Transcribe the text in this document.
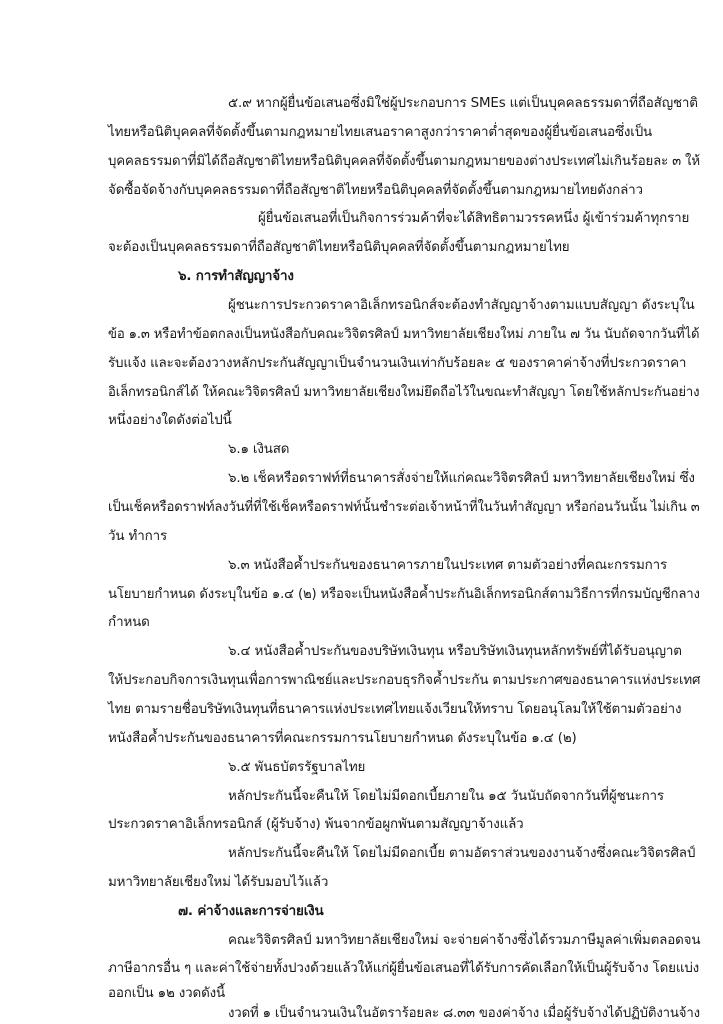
๕.๙ หากผู้ยื่นข้อเสนอซึ่งมิใช่ผู้ประกอบการ SMEs แต่เป็นบุคคลธรรมดาที่ถือสัญชาติ
ไทยหรือนิติบุคคลที่จัดตั้งขึ้นตามกฎหมายไทยเสนอราคาสูงกว่าราคาต่ำสุดของผู้ยื่นข้อเสนอซึ่งเป็น
บุคคลธรรมดาที่มิได้ถือสัญชาติไทยหรือนิติบุคคลที่จัดตั้งขึ้นตามกฎหมายของต่างประเทศไม่เกินร้อยละ ๓ ให้
จัดซื้อจัดจ้างกับบุคคลธรรมดาที่ถือสัญชาติไทยหรือนิติบุคคลที่จัดตั้งขึ้นตามกฎหมายไทยดังกล่าว
ผู้ยื่นข้อเสนอที่เป็นกิจการร่วมค้าที่จะได้สิทธิตามวรรคหนึ่ง ผู้เข้าร่วมค้าทุกราย
จะต้องเป็นบุคคลธรรมดาที่ถือสัญชาติไทยหรือนิติบุคคลที่จัดตั้งขึ้นตามกฎหมายไทย
๖. การทำสัญญาจ้าง
ผู้ชนะการประกวดราคาอิเล็กทรอนิกส์จะต้องทำสัญญาจ้างตามแบบสัญญา ดังระบุใน
ข้อ ๑.๓ หรือทำข้อตกลงเป็นหนังสือกับคณะวิจิตรศิลป์ มหาวิทยาลัยเชียงใหม่ ภายใน ๗ วัน นับถัดจากวันที่ได้
รับแจ้ง และจะต้องวางหลักประกันสัญญาเป็นจำนวนเงินเท่ากับร้อยละ ๕ ของราคาค่าจ้างที่ประกวดราคา
อิเล็กทรอนิกส์ได้ ให้คณะวิจิตรศิลป์ มหาวิทยาลัยเชียงใหม่ยึดถือไว้ในขณะทำสัญญา โดยใช้หลักประกันอย่าง
หนึ่งอย่างใดดังต่อไปนี้
๖.๑ เงินสด
๖.๒ เช็คหรือดราฟท์ที่ธนาคารสั่งจ่ายให้แก่คณะวิจิตรศิลป์ มหาวิทยาลัยเชียงใหม่ ซึ่ง
เป็นเช็คหรือดราฟท์ลงวันที่ที่ใช้เช็คหรือดราฟท์นั้นชำระต่อเจ้าหน้าที่ในวันทำสัญญา หรือก่อนวันนั้น ไม่เกิน ๓
วัน ทำการ
๖.๓ หนังสือค้ำประกันของธนาคารภายในประเทศ ตามตัวอย่างที่คณะกรรมการ
นโยบายกำหนด ดังระบุในข้อ ๑.๔ (๒) หรือจะเป็นหนังสือค้ำประกันอิเล็กทรอนิกส์ตามวิธีการที่กรมบัญชีกลาง
กำหนด
๖.๔ หนังสือค้ำประกันของบริษัทเงินทุน หรือบริษัทเงินทุนหลักทรัพย์ที่ได้รับอนุญาต
ให้ประกอบกิจการเงินทุนเพื่อการพาณิชย์และประกอบธุรกิจค้ำประกัน ตามประกาศของธนาคารแห่งประเทศ
ไทย ตามรายชื่อบริษัทเงินทุนที่ธนาคารแห่งประเทศไทยแจ้งเวียนให้ทราบ โดยอนุโลมให้ใช้ตามตัวอย่าง
หนังสือค้ำประกันของธนาคารที่คณะกรรมการนโยบายกำหนด ดังระบุในข้อ ๑.๔ (๒)
๖.๕ พันธบัตรรัฐบาลไทย
หลักประกันนี้จะคืนให้ โดยไม่มีดอกเบี้ยภายใน ๑๕ วันนับถัดจากวันที่ผู้ชนะการ
ประกวดราคาอิเล็กทรอนิกส์ (ผู้รับจ้าง) พ้นจากข้อผูกพันตามสัญญาจ้างแล้ว
หลักประกันนี้จะคืนให้ โดยไม่มีดอกเบี้ย ตามอัตราส่วนของงานจ้างซึ่งคณะวิจิตรศิลป์
มหาวิทยาลัยเชียงใหม่ ได้รับมอบไว้แล้ว
๗. ค่าจ้างและการจ่ายเงิน
คณะวิจิตรศิลป์ มหาวิทยาลัยเชียงใหม่ จะจ่ายค่าจ้างซึ่งได้รวมภาษีมูลค่าเพิ่มตลอดจน
ภาษีอากรอื่น ๆ และค่าใช้จ่ายทั้งปวงด้วยแล้วให้แก่ผู้ยื่นข้อเสนอที่ได้รับการคัดเลือกให้เป็นผู้รับจ้าง โดยแบ่ง
ออกเป็น ๑๒ งวดดังนี้
งวดที่ ๑ เป็นจำนวนเงินในอัตราร้อยละ ๘.๓๓ ของค่าจ้าง เมื่อผู้รับจ้างได้ปฏิบัติงานจ้าง
